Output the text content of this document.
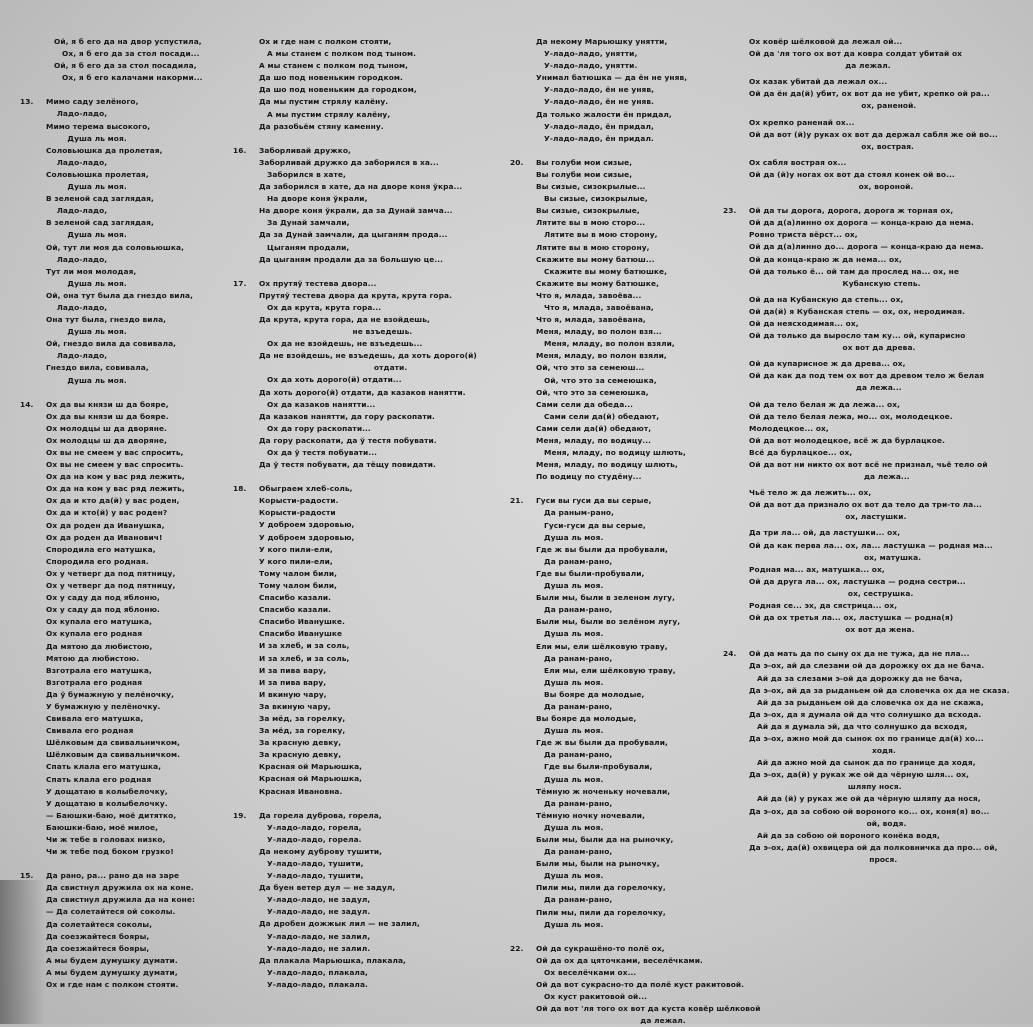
Ой, я б его да на двор успустила,
Ох, я б его да за стол посади...
Ой, я б его да за стол посадила,
Ох, я б его калачами накорми...
13. Мимо саду зелёного,
Ладо-ладо,
Мимо терема высокого,
Душа ль моя.
Соловьюшка да пролетая,
Ладо-ладо,
Соловьюшка пролетая,
Душа ль моя.
В зеленой сад заглядая,
Ладо-ладо,
В зеленой сад заглядая,
Душа ль моя.
Ой, тут ли моя да соловьюшка,
Ладо-ладо,
Тут ли моя молодая,
Душа ль моя.
Ой, она тут была да гнездо вила,
Ладо-ладо,
Она тут была, гнездо вила,
Душа ль моя.
Ой, гнездо вила да совивала,
Ладо-ладо,
Гнездо вила, совивала,
Душа ль моя.
14. Ох да вы князи ш да бояре,
Ох да вы князи ш да бояре.
Ох молодцы ш да дворяне.
Ох молодцы ш да дворяне,
Ох вы не смеем у вас спросить,
Ох вы не смеем у вас спросить.
Ох да на ком у вас ряд лежить,
Ох да на ком у вас ряд лежить,
Ох да и кто да(й) у вас роден,
Ох да и кто(й) у вас роден?
Ох да роден да Иванушка,
Ох да роден да Иванович!
Спородила его матушка,
Спородила его родная.
Ох у четверг да под пятницу,
Ох у четверг да под пятницу,
Ох у саду да под яблоню,
Ох у саду да под яблоню.
Ох купала его матушка,
Ох купала его родная
Да мятою да любистою,
Мятою да любистою.
Взготрала его матушка,
Взготрала его родная
Да ў бумажную у пелёночку,
У бумажную у пелёночку.
Свивала его матушка,
Свивала его родная
Шёлковым да свивальничком,
Шёлковым да свивальничком.
Спать клала его матушка,
Спать клала его родная
У дощатаю в колыбелочку,
У дощатаю в колыбелочку.
— Баюшки-баю, моё дитятко,
Баюшки-баю, моё милое,
Чи ж тебе в головах низко,
Чи ж тебе под боком грузко!
15. Да рано, ра... рано да на заре
Да свистнул дружила ох на коне.
Да свистнул дружила да на коне:
— Да солетайтеся ой соколы.
Да солетайтеся соколы,
Да соезжайтеся бояры,
Да соезжайтеся бояры,
А мы будем думушку думати.
А мы будем думушку думати,
Ох и где нам с полком стояти.
Ох и где нам с полком стояти,
А мы станем с полком под тыном.
А мы станем с полком под тыном,
Да шо под новеньким городком.
Да шо под новеньким да городком,
Да мы пустим стрялу калёну.
А мы пустим стрялу калёну,
Да разобьём стяну каменну.
16. Заборливай дружко,
Заборливай дружко да заборился в ха...
Заборился в хате,
Да заборился в хате, да на дворе коня ўкра...
На дворе коня ўкрали,
На дворе коня ўкрали, да за Дунай замча...
За Дунай замчали,
Да за Дунай замчали, да цыганям прода...
Цыганям продали,
Да цыганям продали да за большую це...
17. Ох прутяў тестева двора...
Прутяў тестева двора да крута, крута гора.
Ох да крута, крута гора...
Да крута, крута гора, да не взойдешь,
не взъедешь.
Ох да не взойдешь, не взъедешь...
Да не взойдешь, не взъедешь, да хоть дорого(й)
отдати.
Ох да хоть дорого(й) отдати...
Да хоть дорого(й) отдати, да казаков нанятти.
Ох да казаков нанятти...
Да казаков нанятти, да гору раскопати.
Ох да гору раскопати...
Да гору раскопати, да ў тестя побувати.
Ох да ў тестя побувати...
Да ў тестя побувати, да тёщу повидати.
18. Обыграем хлеб-соль,
Корысти-радости.
Корысти-радости
У доброем здоровью,
У доброем здоровью,
У кого пили-ели,
У кого пили-ели,
Тому чалом били,
Тому чалом били,
Спасибо казали.
Спасибо казали.
Спасибо Иванушке.
Спасибо Иванушке
И за хлеб, и за соль,
И за хлеб, и за соль,
И за пива вару,
И за пива вару,
И вкиную чару,
За вкиную чару,
За мёд, за горелку,
За мёд, за горелку,
За красную девку,
За красную девку,
Красная ой Марьюшка,
Красная ой Марьюшка,
Красная Ивановна.
19. Да горела дуброва, горела,
У-ладо-ладо, горела,
У-ладо-ладо, горела.
Да некому дуброву тушити,
У-ладо-ладо, тушити,
У-ладо-ладо, тушити,
Да буен ветер дул — не задул,
У-ладо-ладо, не задул,
У-ладо-ладо, не задул.
Да дробен дожжык лил — не залил,
У-ладо-ладо, не залил,
У-ладо-ладо, не залил.
Да плакала Марьюшка, плакала,
У-ладо-ладо, плакала,
У-ладо-ладо, плакала.
Да некому Марьюшку унятти,
У-ладо-ладо, унятти,
У-ладо-ладо, унятти.
Унимал батюшка — да ён не уняв,
У-ладо-ладо, ён не уняв,
У-ладо-ладо, ён не уняв.
Да только жалости ён придал,
У-ладо-ладо, ён придал,
У-ладо-ладо, ён придал.
20. Вы голуби мои сизые,
Вы голуби мои сизые,
Вы сизые, сизокрылые...
Вы сизые, сизокрылые,
Вы сизые, сизокрылые,
Лятите вы в мою сторо...
Лятите вы в мою сторону,
Лятите вы в мою сторону,
Скажите вы мому батюш...
Скажите вы мому батюшке,
Скажите вы мому батюшке,
Что я, млада, завоёва...
Что я, млада, завоёвана,
Что я, млада, завоёвана,
Меня, младу, во полон взя...
Меня, младу, во полон взяли,
Меня, младу, во полон взяли,
Ой, что это за семеюш...
Ой, что это за семеюшка,
Ой, что это за семеюшка,
Сами сели да обеда...
Сами сели да(й) обедают,
Сами сели да(й) обедают,
Меня, младу, по водицу...
Меня, младу, по водицу шлють,
Меня, младу, по водицу шлють,
По водицу по студёну...
21. Гуси вы гуси да вы серые,
Да раным-рано,
Гуси-гуси да вы серые,
Душа ль моя.
Где ж вы были да пробували,
Да ранам-рано,
Где вы были-пробували,
Душа ль моя.
Были мы, были в зеленом лугу,
Да ранам-рано,
Были мы, были во зелёном лугу,
Душа ль моя.
Ели мы, ели шёлковую траву,
Да ранам-рано,
Ели мы, ели шёлковую траву,
Душа ль моя.
Вы бояре да молодые,
Да ранам-рано,
Вы бояре да молодые,
Душа ль моя.
Где ж вы были да пробували,
Да ранам-рано,
Где вы были-пробували,
Душа ль моя.
Тёмную ж ноченьку ночевали,
Да ранам-рано,
Тёмную ночку ночевали,
Душа ль моя.
Были мы, были да на рыночку,
Да ранам-рано,
Были мы, были на рыночку,
Душа ль моя.
Пили мы, пили да горелочку,
Да ранам-рано,
Пили мы, пили да горелочку,
Душа ль моя.
22. Ой да сукрашёно-то полё ох,
Ой да ох да цяточками, веселёчками.
Ох веселёчками ох...
Ой да вот сукрасно-то да полё куст ракитовой.
Ох куст ракитовой ой...
Ой да вот 'ля того ох вот да куста ковёр шёлковой
да лежал.
Ох ковёр шёлковой да лежал ой...
Ой да 'ля того ох вот да ковра солдат убитай ох
да лежал.
Ох казак убитай да лежал ох...
Ой да ён да(й) убит, ох вот да не убит, крепко ой ра...
ох, раненой.
Ох крепко раненай ох...
Ой да вот (й)у руках ох вот да держал сабля же ой во...
ох, вострая.
Ох сабля вострая ох...
Ой да (й)у ногах ох вот да стоял конек ой во...
ох, вороной.
23. Ой да ты дорога, дорога, дорога ж торная ох,
Ой да д(а)линно ох дорога — конца-краю да нема.
Ровно триста вёрст... ох,
Ой да д(а)линно до... дорога — конца-краю да нема.
Ой да конца-краю ж да нема... ох,
Ой да только ё... ой там да прослед на... ох, не
Кубанскую степь.
Ой да на Кубанскую да степь... ох,
Ой да(й) я Кубанская степь — ох, ох, неродимая.
Ой да неясходимая... ох,
Ой да только да выросло там ку... ой, купарисно
ох вот да древа.
Ой да купарисное ж да древа... ох,
Ой да как да под тем ох вот да древом тело ж белая
да лежа...
Ой да тело белая ж да лежа... ох,
Ой да тело белая лежа, мо... ох, молодецкое.
Молодецкое... ох,
Ой да вот молодецкое, всё ж да бурлацкое.
Всё да бурлацкое... ох,
Ой да вот ни никто ох вот всё не признал, чьё тело ой
да лежа...
Чьё тело ж да лежить... ох,
Ой да вот да признало ох вот да тело да три-то ла...
ох, ластушки.
Да три ла... ой, да ластушки... ох,
Ой да как перва ла... ох, ла... ластушка — родная ма...
ох, матушка.
Родная ма... ах, матушка... ох,
Ой да друга ла... ох, ластушка — родна сестри...
ох, сеструшка.
Родная се... эх, да сястрица... ох,
Ой да ох третья ла... ох, ластушка — родна(я)
ох вот да жена.
24. Ой да мать да по сыну ох да не тужа, да не пла...
Да э-ох, ай да слезами ой да дорожку ох да не бача.
Ай да за слезами э-ой да дорожку да не бача,
Да э-ох, ай да за рыданьем ой да словечка ох да не сказа.
Ай да за рыданьем ой да словечка ох да не скажа,
Да э-ох, да я думала ой да что солнушко да всхода.
Ай да я думала эй, да что солнушко да всходя,
Да э-ох, ажно мой да сынок ох по границе да(й) хо...
ходя.
Ай да ажно мой да сынок да по границе да ходя,
Да э-ох, да(й) у руках же ой да чёрную шля... ох,
шляпу нося.
Ай да (й) у руках же ой да чёрную шляпу да нося,
Да э-ох, да за собою ой вороного ко... ох, коня(я) во...
ой, водя.
Ай да за собою ой вороного конёка водя,
Да э-ох, да(й) охвицера ой да полковничка да про... ой,
прося.
